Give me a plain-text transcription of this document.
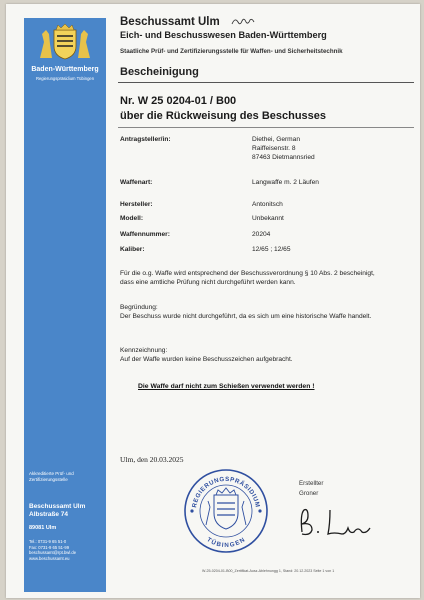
Baden-Württemberg
Regierungspräsidium Tübingen
Akkreditierte Prüf- und
Zertifizierungsstelle
Beschussamt Ulm
Albstraße 74
89081 Ulm
Tel.: 0731-9 65 51-0
Fax: 0731-9 65 51-99
beschussamt@rpt.bwl.de
www.beschussamt.eu
Beschussamt Ulm
Eich- und Beschusswesen Baden-Württemberg
Staatliche Prüf- und Zertifizierungsstelle für Waffen- und Sicherheitstechnik
Bescheinigung
Nr. W 25 0204-01 / B00
über die Rückweisung des Beschusses
Antragsteller/in:	Diethei, German
Raiffeisenstr. 8
87463 Dietmannsried
Waffenart:	Langwaffe m. 2 Läufen
Hersteller:	Antonitsch
Modell:	Unbekannt
Waffennummer:	20204
Kaliber:	12/65 ; 12/65
Für die o.g. Waffe wird entsprechend der Beschussverordnung § 10 Abs. 2 bescheinigt, dass eine amtliche Prüfung nicht durchgeführt werden kann.
Begründung:
Der Beschuss wurde nicht durchgeführt, da es sich um eine historische Waffe handelt.
Kennzeichnung:
Auf der Waffe wurden keine Beschusszeichen aufgebracht.
Die Waffe darf nicht zum Schießen verwendet werden !
Ulm, den 20.03.2025
REGIERUNGSPRÄSIDIUM
TÜBINGEN
Erstellter
Groner
W-25-0204-01-B00_Zertifikat-Ausz-Ablehnungg 1, Stand: 20.12.2023 Seite 1 von 1
